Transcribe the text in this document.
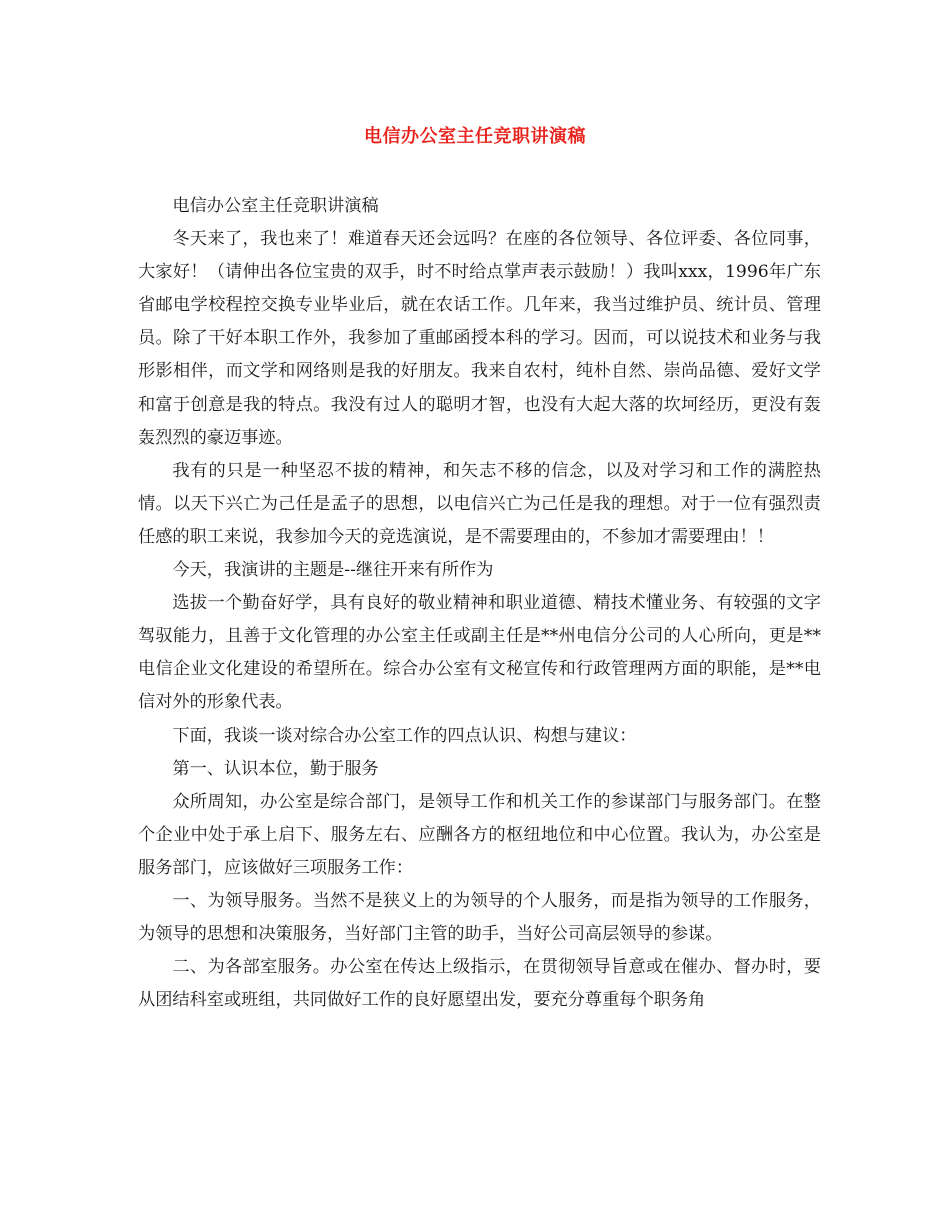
电信办公室主任竞职讲演稿

电信办公室主任竞职讲演稿

冬天来了，我也来了！难道春天还会远吗？在座的各位领导、各位评委、各位同事，大家好！（请伸出各位宝贵的双手，时不时给点掌声表示鼓励！）我叫xxx，1996年广东省邮电学校程控交换专业毕业后，就在农话工作。几年来，我当过维护员、统计员、管理员。除了干好本职工作外，我参加了重邮函授本科的学习。因而，可以说技术和业务与我形影相伴，而文学和网络则是我的好朋友。我来自农村，纯朴自然、崇尚品德、爱好文学和富于创意是我的特点。我没有过人的聪明才智，也没有大起大落的坎坷经历，更没有轰轰烈烈的豪迈事迹。

我有的只是一种坚忍不拔的精神，和矢志不移的信念，以及对学习和工作的满腔热情。以天下兴亡为己任是孟子的思想，以电信兴亡为己任是我的理想。对于一位有强烈责任感的职工来说，我参加今天的竞选演说，是不需要理由的，不参加才需要理由！！

今天，我演讲的主题是--继往开来有所作为

选拔一个勤奋好学，具有良好的敬业精神和职业道德、精技术懂业务、有较强的文字驾驭能力，且善于文化管理的办公室主任或副主任是**州电信分公司的人心所向，更是**电信企业文化建设的希望所在。综合办公室有文秘宣传和行政管理两方面的职能，是**电信对外的形象代表。

下面，我谈一谈对综合办公室工作的四点认识、构想与建议：

第一、认识本位，勤于服务

众所周知，办公室是综合部门，是领导工作和机关工作的参谋部门与服务部门。在整个企业中处于承上启下、服务左右、应酬各方的枢纽地位和中心位置。我认为，办公室是服务部门，应该做好三项服务工作：

一、为领导服务。当然不是狭义上的为领导的个人服务，而是指为领导的工作服务，为领导的思想和决策服务，当好部门主管的助手，当好公司高层领导的参谋。

二、为各部室服务。办公室在传达上级指示，在贯彻领导旨意或在催办、督办时，要从团结科室或班组，共同做好工作的良好愿望出发，要充分尊重每个职务角
